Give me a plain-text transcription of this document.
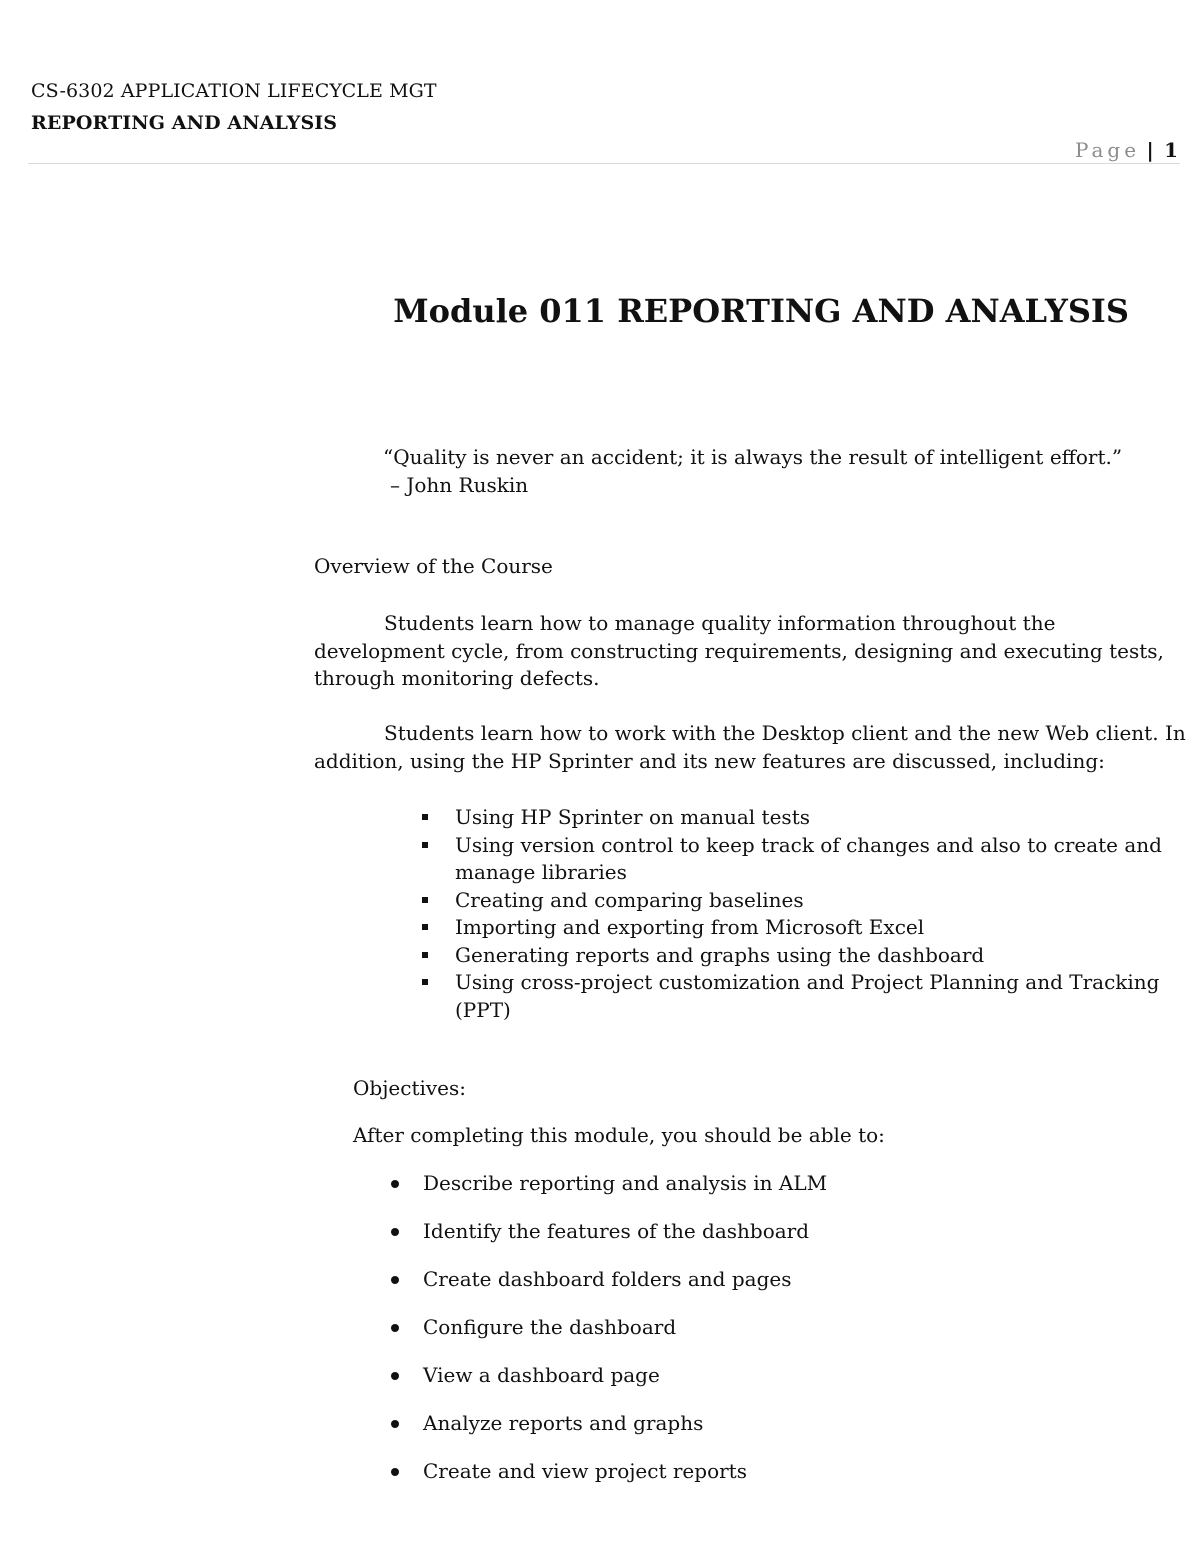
CS-6302 APPLICATION LIFECYCLE MGT
REPORTING AND ANALYSIS
Page | 1
Module 011 REPORTING AND ANALYSIS
“Quality is never an accident; it is always the result of intelligent effort.”
– John Ruskin
Overview of the Course

Students learn how to manage quality information throughout the
development cycle, from constructing requirements, designing and executing tests,
through monitoring defects.

Students learn how to work with the Desktop client and the new Web client. In
addition, using the HP Sprinter and its new features are discussed, including:

Using HP Sprinter on manual tests
Using version control to keep track of changes and also to create and
manage libraries
Creating and comparing baselines
Importing and exporting from Microsoft Excel
Generating reports and graphs using the dashboard
Using cross-project customization and Project Planning and Tracking
(PPT)
Objectives:
After completing this module, you should be able to:
Describe reporting and analysis in ALM
Identify the features of the dashboard
Create dashboard folders and pages
Configure the dashboard
View a dashboard page
Analyze reports and graphs
Create and view project reports
